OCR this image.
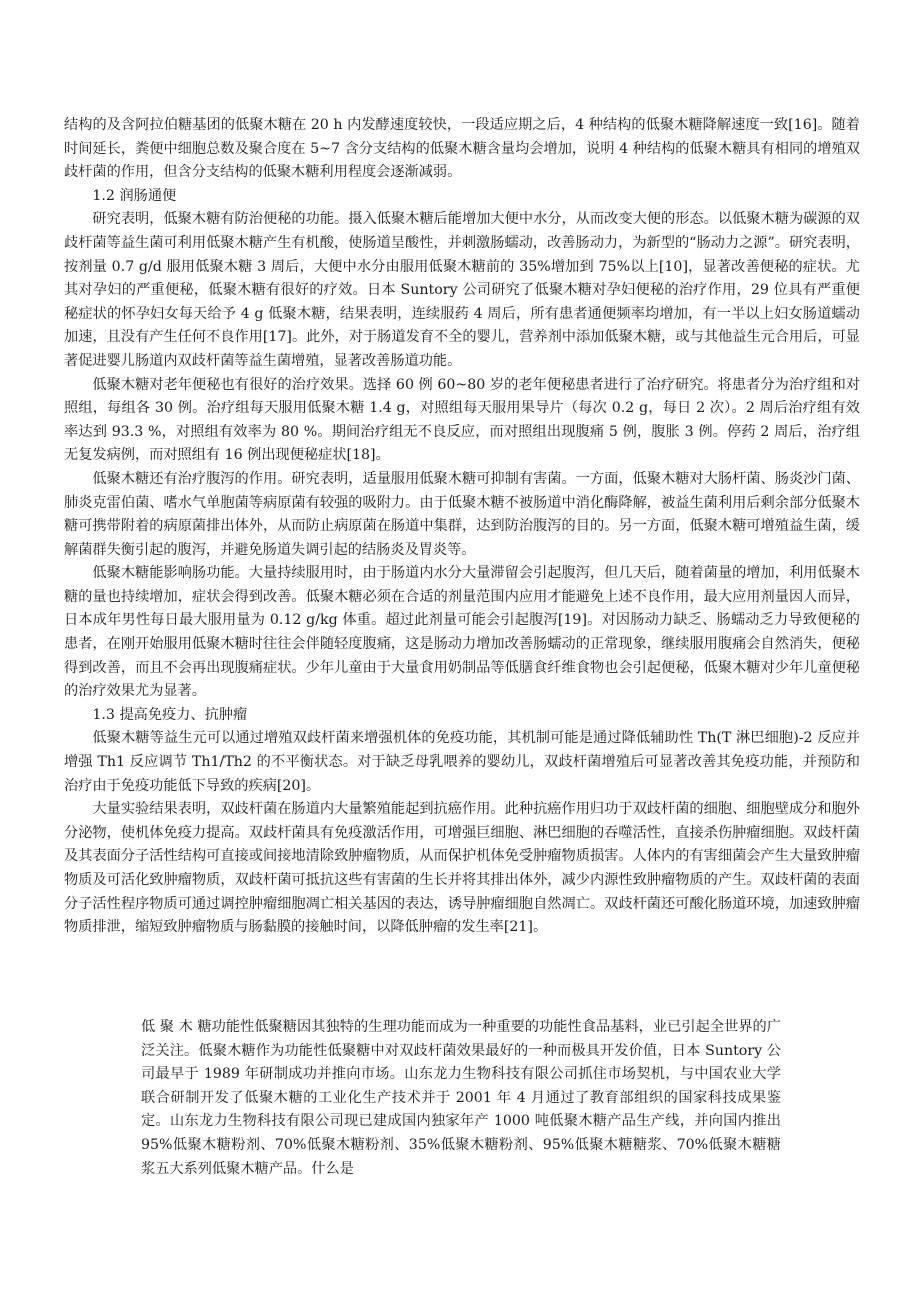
结构的及含阿拉伯糖基团的低聚木糖在 20 h 内发酵速度较快，一段适应期之后，4 种结构的低聚木糖降解速度一致[16]。随着时间延长，粪便中细胞总数及聚合度在 5~7 含分支结构的低聚木糖含量均会增加，说明 4 种结构的低聚木糖具有相同的增殖双歧杆菌的作用，但含分支结构的低聚木糖利用程度会逐渐减弱。

1.2 润肠通便

研究表明，低聚木糖有防治便秘的功能。摄入低聚木糖后能增加大便中水分，从而改变大便的形态。以低聚木糖为碳源的双歧杆菌等益生菌可利用低聚木糖产生有机酸，使肠道呈酸性，并刺激肠蠕动，改善肠动力，为新型的“肠动力之源”。研究表明，按剂量 0.7 g/d 服用低聚木糖 3 周后，大便中水分由服用低聚木糖前的 35%增加到 75%以上[10]，显著改善便秘的症状。尤其对孕妇的严重便秘，低聚木糖有很好的疗效。日本 Suntory 公司研究了低聚木糖对孕妇便秘的治疗作用，29 位具有严重便秘症状的怀孕妇女每天给予 4 g 低聚木糖，结果表明，连续服药 4 周后，所有患者通便频率均增加，有一半以上妇女肠道蠕动加速，且没有产生任何不良作用[17]。此外，对于肠道发育不全的婴儿，营养剂中添加低聚木糖，或与其他益生元合用后，可显著促进婴儿肠道内双歧杆菌等益生菌增殖，显著改善肠道功能。

低聚木糖对老年便秘也有很好的治疗效果。选择 60 例 60~80 岁的老年便秘患者进行了治疗研究。将患者分为治疗组和对照组，每组各 30 例。治疗组每天服用低聚木糖 1.4 g，对照组每天服用果导片（每次 0.2 g，每日 2 次）。2 周后治疗组有效率达到 93.3 %，对照组有效率为 80 %。期间治疗组无不良反应，而对照组出现腹痛 5 例，腹胀 3 例。停药 2 周后，治疗组无复发病例，而对照组有 16 例出现便秘症状[18]。

低聚木糖还有治疗腹泻的作用。研究表明，适量服用低聚木糖可抑制有害菌。一方面，低聚木糖对大肠杆菌、肠炎沙门菌、肺炎克雷伯菌、嗜水气单胞菌等病原菌有较强的吸附力。由于低聚木糖不被肠道中消化酶降解，被益生菌利用后剩余部分低聚木糖可携带附着的病原菌排出体外，从而防止病原菌在肠道中集群，达到防治腹泻的目的。另一方面，低聚木糖可增殖益生菌，缓解菌群失衡引起的腹泻，并避免肠道失调引起的结肠炎及胃炎等。

低聚木糖能影响肠功能。大量持续服用时，由于肠道内水分大量滞留会引起腹泻，但几天后，随着菌量的增加，利用低聚木糖的量也持续增加，症状会得到改善。低聚木糖必须在合适的剂量范围内应用才能避免上述不良作用，最大应用剂量因人而异，日本成年男性每日最大服用量为 0.12 g/kg 体重。超过此剂量可能会引起腹泻[19]。对因肠动力缺乏、肠蠕动乏力导致便秘的患者，在刚开始服用低聚木糖时往往会伴随轻度腹痛，这是肠动力增加改善肠蠕动的正常现象，继续服用腹痛会自然消失，便秘得到改善，而且不会再出现腹痛症状。少年儿童由于大量食用奶制品等低膳食纤维食物也会引起便秘，低聚木糖对少年儿童便秘的治疗效果尤为显著。

1.3 提高免疫力、抗肿瘤

低聚木糖等益生元可以通过增殖双歧杆菌来增强机体的免疫功能，其机制可能是通过降低辅助性 Th(T 淋巴细胞)-2 反应并增强 Th1 反应调节 Th1/Th2 的不平衡状态。对于缺乏母乳喂养的婴幼儿，双歧杆菌增殖后可显著改善其免疫功能，并预防和治疗由于免疫功能低下导致的疾病[20]。

大量实验结果表明，双歧杆菌在肠道内大量繁殖能起到抗癌作用。此种抗癌作用归功于双歧杆菌的细胞、细胞壁成分和胞外分泌物，使机体免疫力提高。双歧杆菌具有免疫激活作用，可增强巨细胞、淋巴细胞的吞噬活性，直接杀伤肿瘤细胞。双歧杆菌及其表面分子活性结构可直接或间接地清除致肿瘤物质，从而保护机体免受肿瘤物质损害。人体内的有害细菌会产生大量致肿瘤物质及可活化致肿瘤物质，双歧杆菌可抵抗这些有害菌的生长并将其排出体外，减少内源性致肿瘤物质的产生。双歧杆菌的表面分子活性程序物质可通过调控肿瘤细胞凋亡相关基因的表达，诱导肿瘤细胞自然凋亡。双歧杆菌还可酸化肠道环境，加速致肿瘤物质排泄，缩短致肿瘤物质与肠黏膜的接触时间，以降低肿瘤的发生率[21]。

低 聚 木 糖功能性低聚糖因其独特的生理功能而成为一种重要的功能性食品基料，业已引起全世界的广泛关注。低聚木糖作为功能性低聚糖中对双歧杆菌效果最好的一种而极具开发价值，日本 Suntory 公司最早于 1989 年研制成功并推向市场。山东龙力生物科技有限公司抓住市场契机，与中国农业大学联合研制开发了低聚木糖的工业化生产技术并于 2001 年 4 月通过了教育部组织的国家科技成果鉴定。山东龙力生物科技有限公司现已建成国内独家年产 1000 吨低聚木糖产品生产线，并向国内推出 95%低聚木糖粉剂、70%低聚木糖粉剂、35%低聚木糖粉剂、95%低聚木糖糖浆、70%低聚木糖糖浆五大系列低聚木糖产品。什么是
